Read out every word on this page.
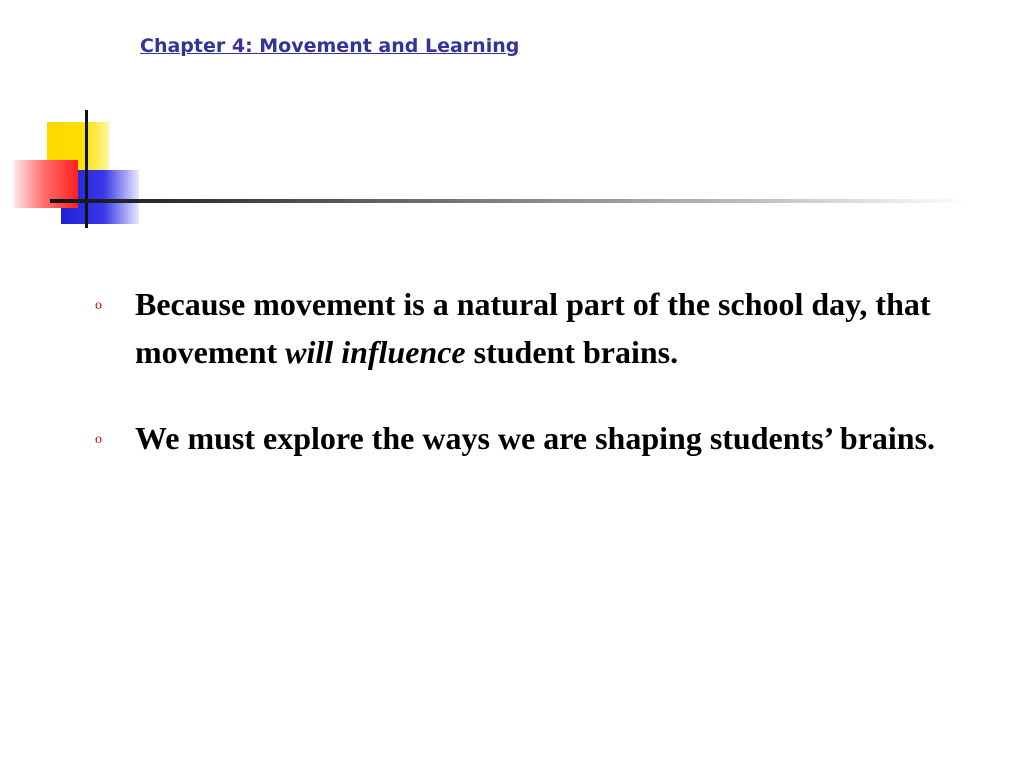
Chapter 4: Movement and Learning
o Because movement is a natural part of the school day, that movement will influence student brains.
o We must explore the ways we are shaping students’ brains.
